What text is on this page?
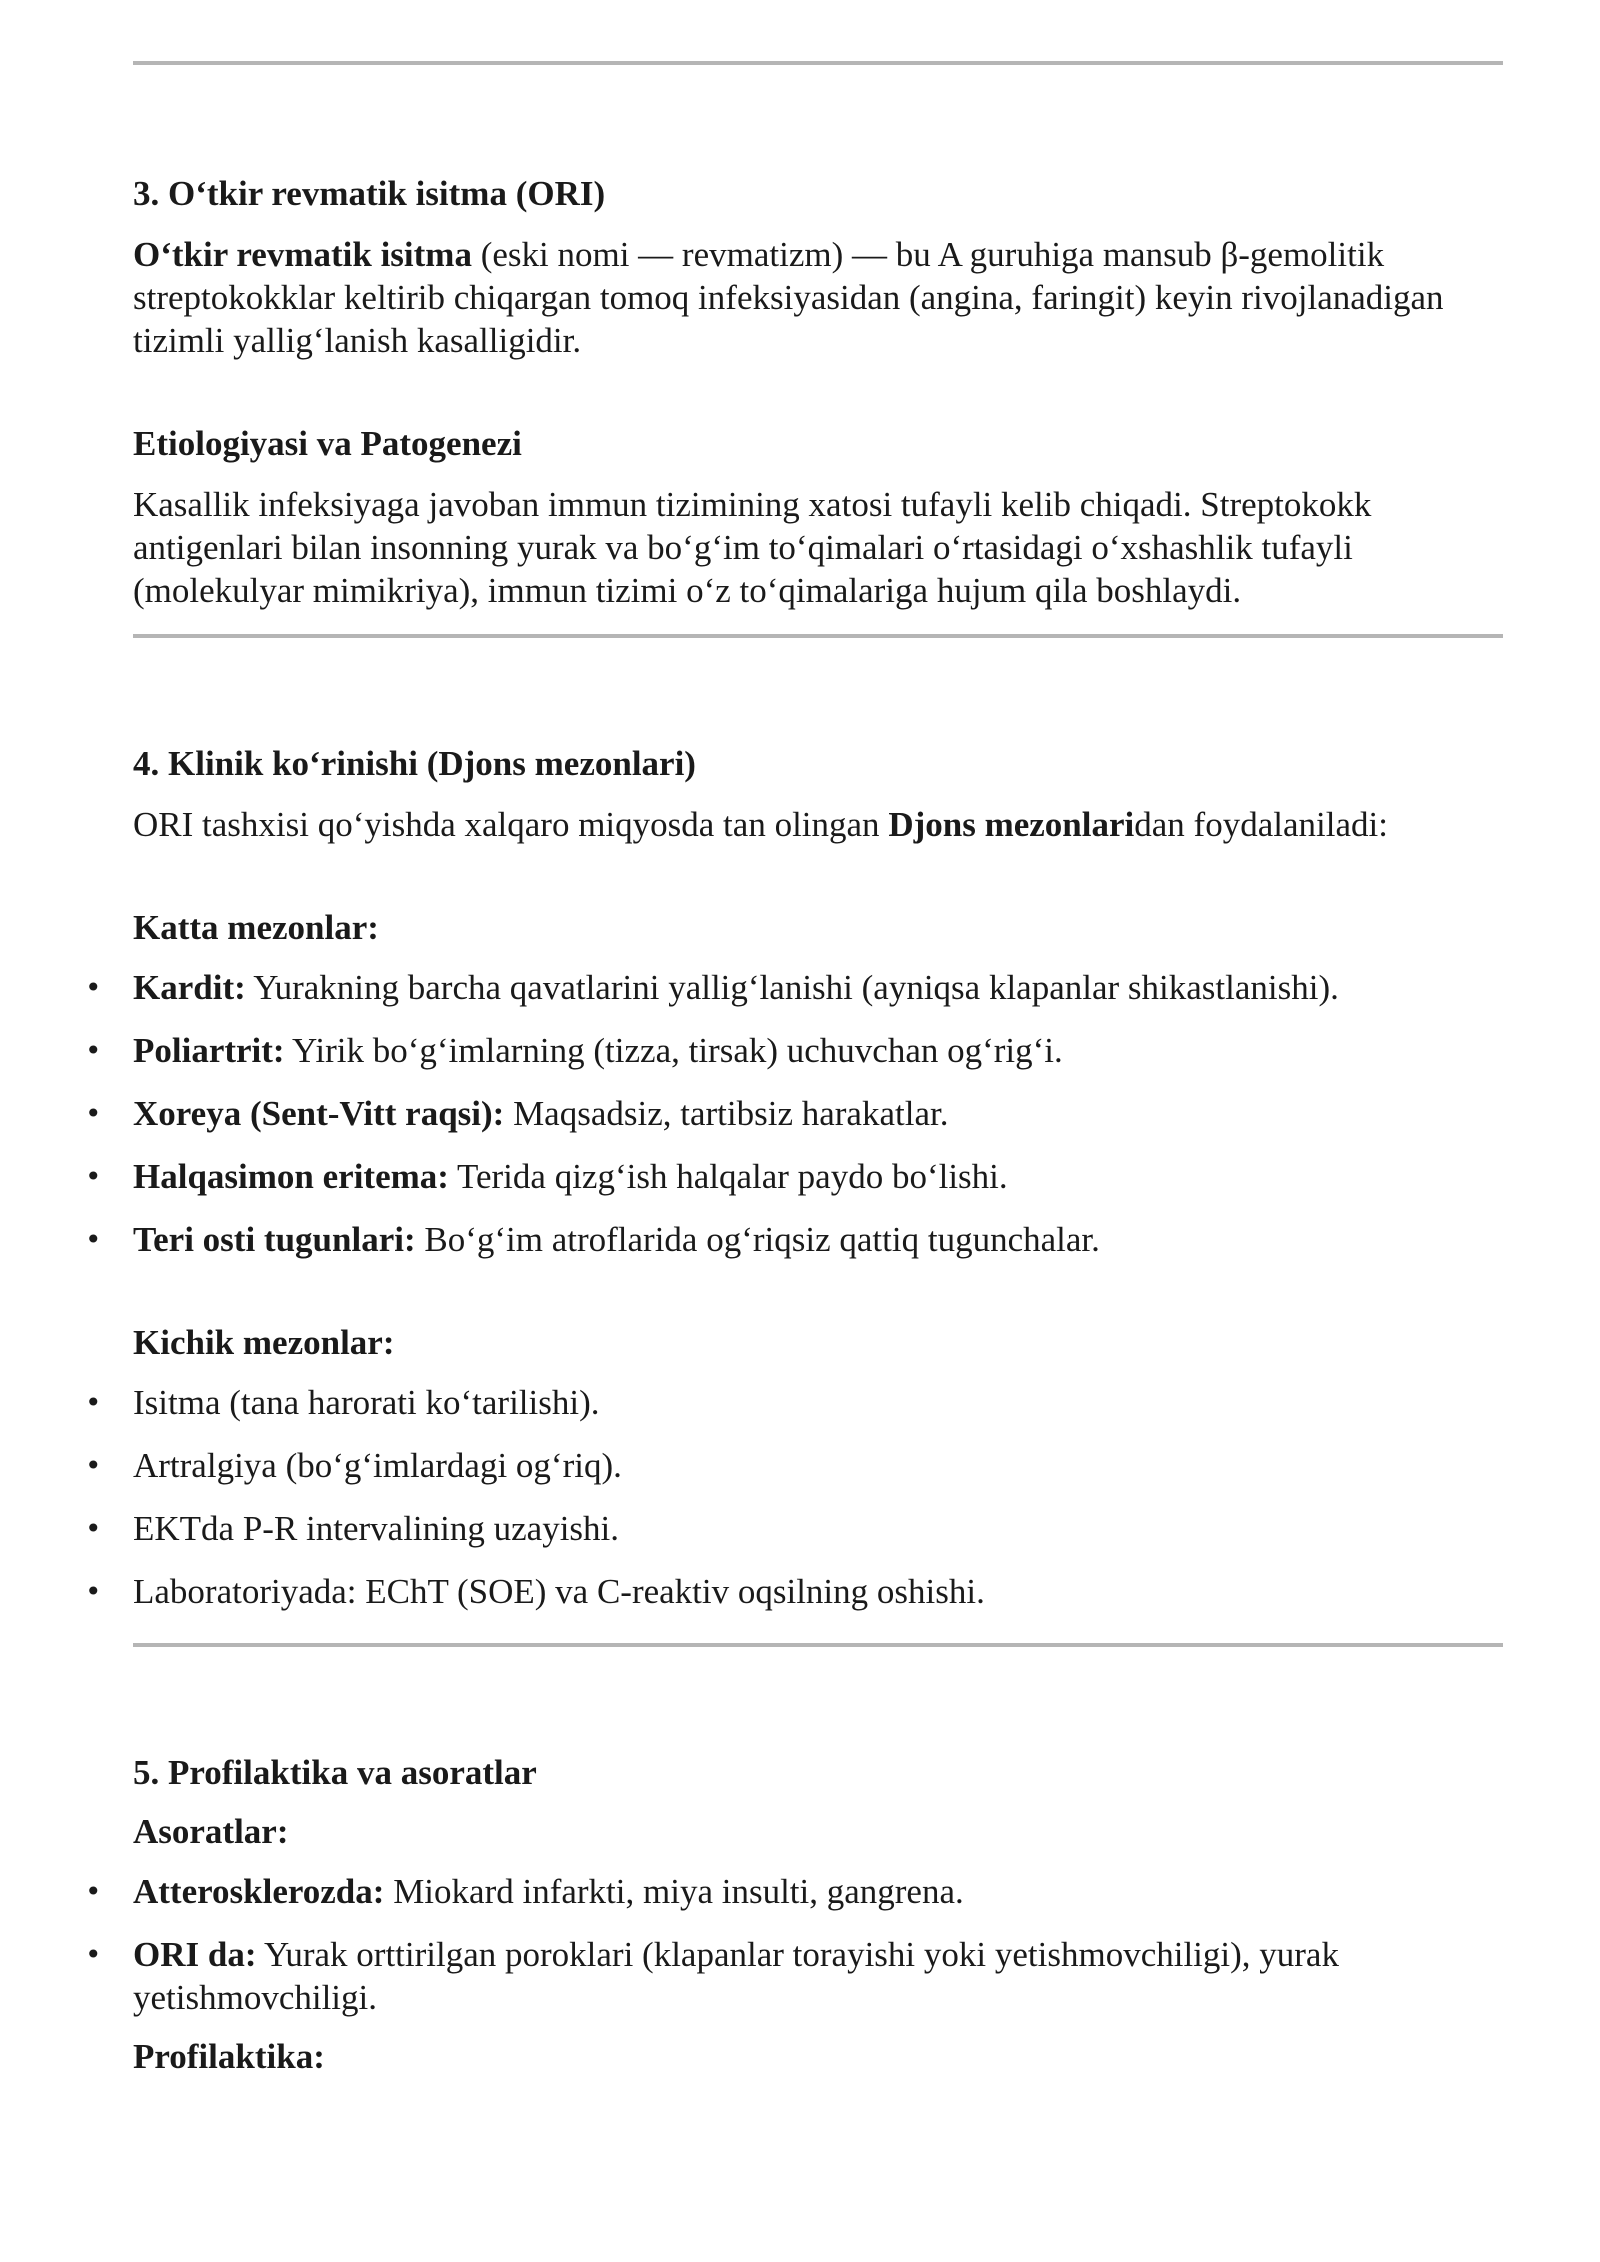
3. O‘tkir revmatik isitma (ORI)

O‘tkir revmatik isitma (eski nomi — revmatizm) — bu A guruhiga mansub β-gemolitik streptokokklar keltirib chiqargan tomoq infeksiyasidan (angina, faringit) keyin rivojlanadigan tizimli yallig‘lanish kasalligidir.

Etiologiyasi va Patogenezi

Kasallik infeksiyaga javoban immun tizimining xatosi tufayli kelib chiqadi. Streptokokk antigenlari bilan insonning yurak va bo‘g‘im to‘qimalari o‘rtasidagi o‘xshashlik tufayli (molekulyar mimikriya), immun tizimi o‘z to‘qimalariga hujum qila boshlaydi.

4. Klinik ko‘rinishi (Djons mezonlari)

ORI tashxisi qo‘yishda xalqaro miqyosda tan olingan Djons mezonlaridan foydalaniladi:

Katta mezonlar:
• Kardit: Yurakning barcha qavatlarini yallig‘lanishi (ayniqsa klapanlar shikastlanishi).
• Poliartrit: Yirik bo‘g‘imlarning (tizza, tirsak) uchuvchan og‘rig‘i.
• Xoreya (Sent-Vitt raqsi): Maqsadsiz, tartibsiz harakatlar.
• Halqasimon eritema: Terida qizg‘ish halqalar paydo bo‘lishi.
• Teri osti tugunlari: Bo‘g‘im atroflarida og‘riqsiz qattiq tugunchalar.
Kichik mezonlar:
• Isitma (tana harorati ko‘tarilishi).
• Artralgiya (bo‘g‘imlardagi og‘riq).
• EKTda P-R intervalining uzayishi.
• Laboratoriyada: EChT (SOE) va C-reaktiv oqsilning oshishi.
5. Profilaktika va asoratlar
Asoratlar:
• Atterosklerozda: Miokard infarkti, miya insulti, gangrena.
• ORI da: Yurak orttirilgan poroklari (klapanlar torayishi yoki yetishmovchiligi), yurak yetishmovchiligi.
Profilaktika:
